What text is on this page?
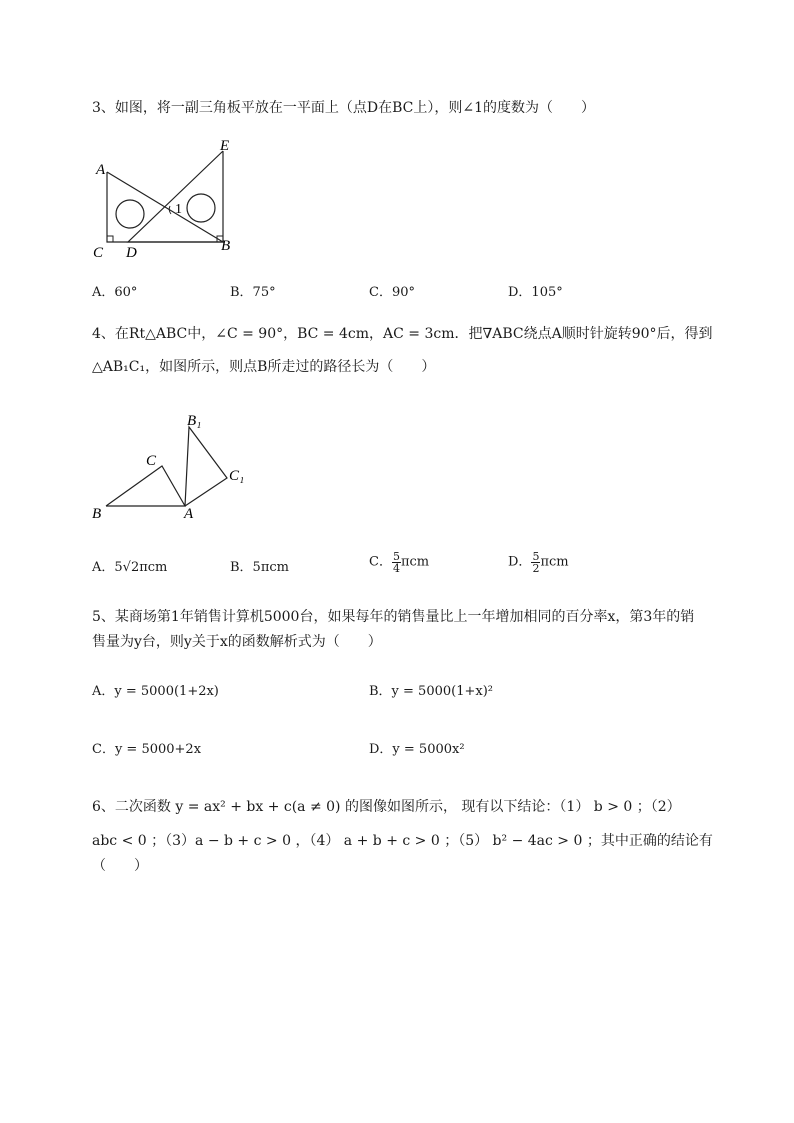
3、如图，将一副三角板平放在一平面上（点D在BC上），则∠1的度数为（　　）
A
E
C D	B
1
A．60°	B．75°	C．90°	D．105°
4、在Rt△ABC中，∠C = 90°，BC = 4cm，AC = 3cm．把∇ABC绕点A顺时针旋转90°后，得到
△AB₁C₁，如图所示，则点B所走过的路径长为（　　）
B₁
C
C₁
B	A
A．5√2πcm	B．5πcm	C． $\frac{5}{4}$ πcm	D． $\frac{5}{2}$ πcm
5、某商场第1年销售计算机5000台，如果每年的销售量比上一年增加相同的百分率x，第3年的销
售量为y台，则y关于x的函数解析式为（　　）
A．y = 5000(1+2x)	B．y = 5000(1+x)²
C．y = 5000+2x	D．y = 5000x²
6、二次函数 y = ax² + bx + c(a ≠ 0) 的图像如图所示， 现有以下结论：（1） b > 0 ；（2）
abc < 0 ；（3）a − b + c > 0 ，（4） a + b + c > 0 ；（5） b² − 4ac > 0 ；其中正确的结论有
（　　）
